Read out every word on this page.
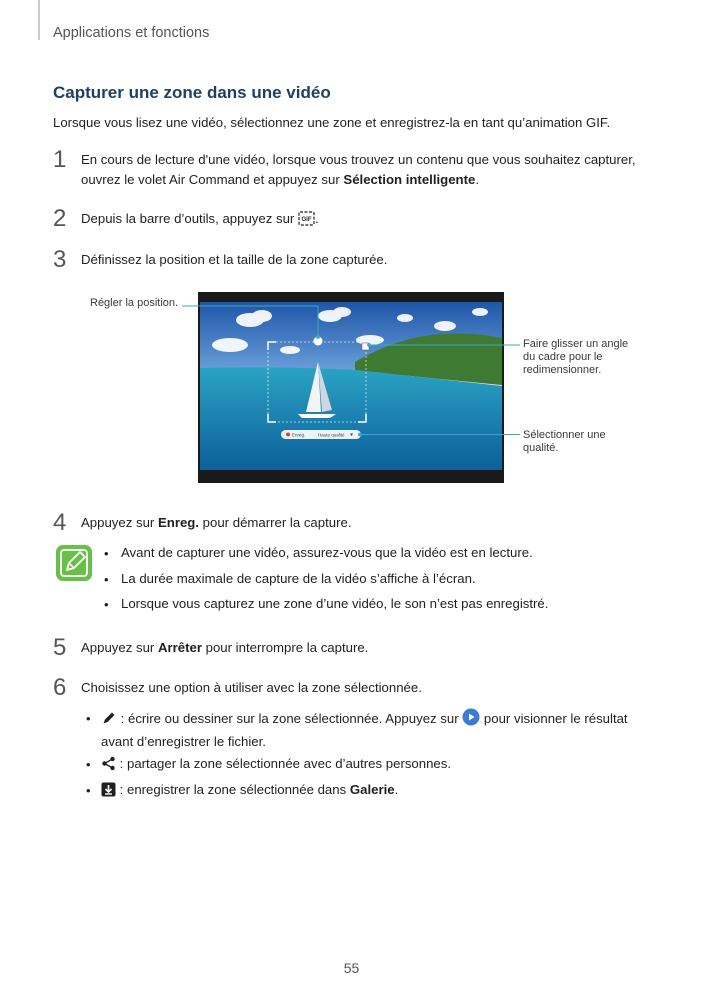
Applications et fonctions
Capturer une zone dans une vidéo
Lorsque vous lisez une vidéo, sélectionnez une zone et enregistrez-la en tant qu’animation GIF.
1 En cours de lecture d'une vidéo, lorsque vous trouvez un contenu que vous souhaitez capturer,
ouvrez le volet Air Command et appuyez sur Sélection intelligente.
2 Depuis la barre d’outils, appuyez sur GIF .
3 Définissez la position et la taille de la zone capturée.
Régler la position.
Faire glisser un angle
du cadre pour le
redimensionner.
Sélectionner une
qualité.
Enreg.	Haute qualité
4 Appuyez sur Enreg. pour démarrer la capture.
• Avant de capturer une vidéo, assurez-vous que la vidéo est en lecture.
• La durée maximale de capture de la vidéo s’affiche à l’écran.
• Lorsque vous capturez une zone d’une vidéo, le son n’est pas enregistré.
5 Appuyez sur Arrêter pour interrompre la capture.
6 Choisissez une option à utiliser avec la zone sélectionnée.
•	: écrire ou dessiner sur la zone sélectionnée. Appuyez sur  pour visionner le résultat
avant d’enregistrer le fichier.
•	: partager la zone sélectionnée avec d’autres personnes.
•	: enregistrer la zone sélectionnée dans Galerie.
55
